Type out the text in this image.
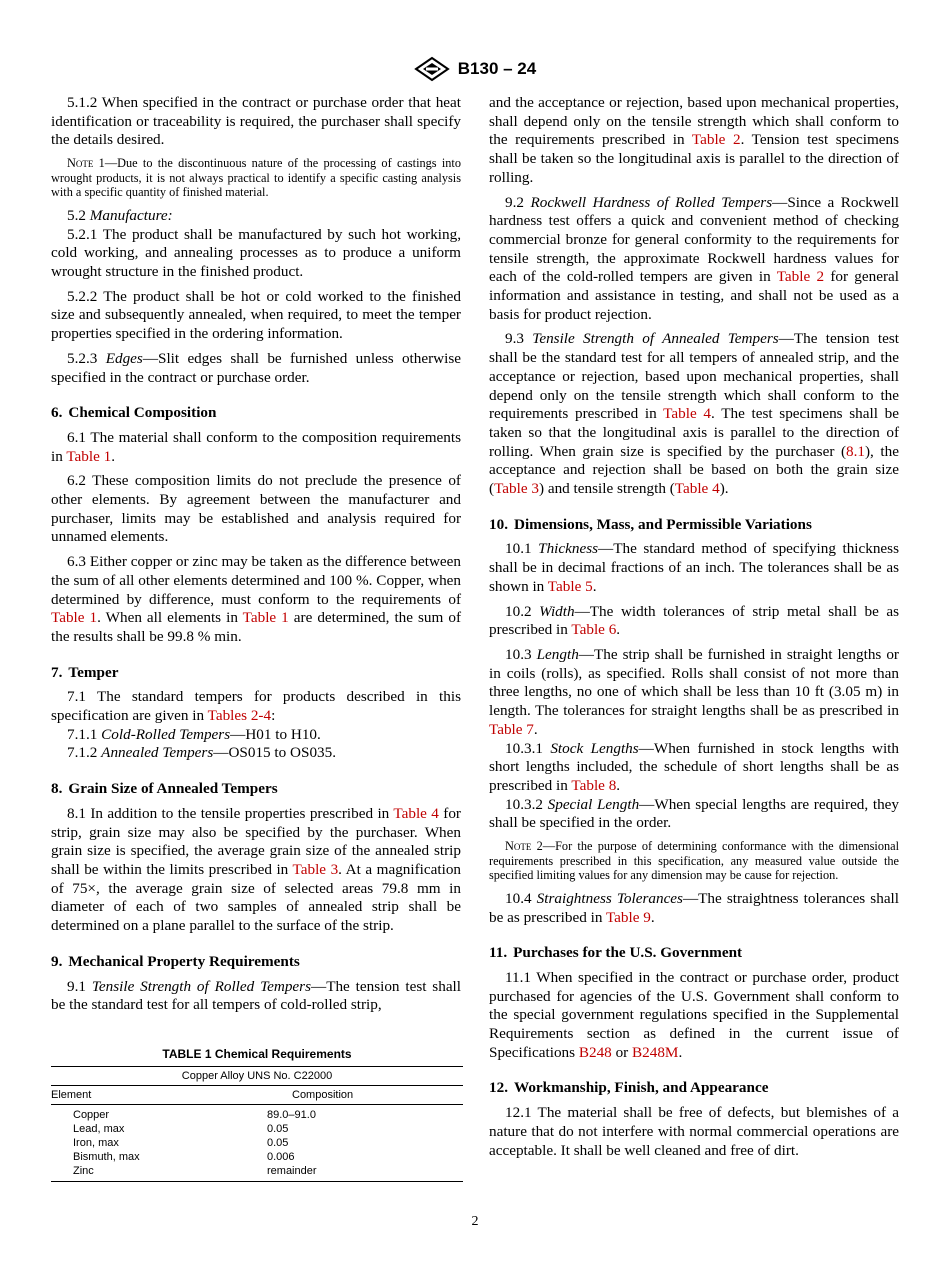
B130 – 24

5.1.2 When specified in the contract or purchase order that heat identification or traceability is required, the purchaser shall specify the details desired.

Note 1—Due to the discontinuous nature of the processing of castings into wrought products, it is not always practical to identify a specific casting analysis with a specific quantity of finished material.

5.2 Manufacture:

5.2.1 The product shall be manufactured by such hot working, cold working, and annealing processes as to produce a uniform wrought structure in the finished product.

5.2.2 The product shall be hot or cold worked to the finished size and subsequently annealed, when required, to meet the temper properties specified in the ordering information.

5.2.3 Edges—Slit edges shall be furnished unless otherwise specified in the contract or purchase order.

6. Chemical Composition

6.1 The material shall conform to the composition requirements in Table 1.

6.2 These composition limits do not preclude the presence of other elements. By agreement between the manufacturer and purchaser, limits may be established and analysis required for unnamed elements.

6.3 Either copper or zinc may be taken as the difference between the sum of all other elements determined and 100 %. Copper, when determined by difference, must conform to the requirements of Table 1. When all elements in Table 1 are determined, the sum of the results shall be 99.8 % min.

7. Temper

7.1 The standard tempers for products described in this specification are given in Tables 2-4:

7.1.1 Cold-Rolled Tempers—H01 to H10.

7.1.2 Annealed Tempers—OS015 to OS035.

8. Grain Size of Annealed Tempers

8.1 In addition to the tensile properties prescribed in Table 4 for strip, grain size may also be specified by the purchaser. When grain size is specified, the average grain size of the annealed strip shall be within the limits prescribed in Table 3. At a magnification of 75×, the average grain size of selected areas 79.8 mm in diameter of each of two samples of annealed strip shall be determined on a plane parallel to the surface of the strip.

9. Mechanical Property Requirements

9.1 Tensile Strength of Rolled Tempers—The tension test shall be the standard test for all tempers of cold-rolled strip,

and the acceptance or rejection, based upon mechanical properties, shall depend only on the tensile strength which shall conform to the requirements prescribed in Table 2. Tension test specimens shall be taken so the longitudinal axis is parallel to the direction of rolling.

9.2 Rockwell Hardness of Rolled Tempers—Since a Rockwell hardness test offers a quick and convenient method of checking commercial bronze for general conformity to the requirements for tensile strength, the approximate Rockwell hardness values for each of the cold-rolled tempers are given in Table 2 for general information and assistance in testing, and shall not be used as a basis for product rejection.

9.3 Tensile Strength of Annealed Tempers—The tension test shall be the standard test for all tempers of annealed strip, and the acceptance or rejection, based upon mechanical properties, shall depend only on the tensile strength which shall conform to the requirements prescribed in Table 4. The test specimens shall be taken so that the longitudinal axis is parallel to the direction of rolling. When grain size is specified by the purchaser (8.1), the acceptance and rejection shall be based on both the grain size (Table 3) and tensile strength (Table 4).

10. Dimensions, Mass, and Permissible Variations

10.1 Thickness—The standard method of specifying thickness shall be in decimal fractions of an inch. The tolerances shall be as shown in Table 5.

10.2 Width—The width tolerances of strip metal shall be as prescribed in Table 6.

10.3 Length—The strip shall be furnished in straight lengths or in coils (rolls), as specified. Rolls shall consist of not more than three lengths, no one of which shall be less than 10 ft (3.05 m) in length. The tolerances for straight lengths shall be as prescribed in Table 7.

10.3.1 Stock Lengths—When furnished in stock lengths with short lengths included, the schedule of short lengths shall be as prescribed in Table 8.

10.3.2 Special Length—When special lengths are required, they shall be specified in the order.

Note 2—For the purpose of determining conformance with the dimensional requirements prescribed in this specification, any measured value outside the specified limiting values for any dimension may be cause for rejection.

10.4 Straightness Tolerances—The straightness tolerances shall be as prescribed in Table 9.

11. Purchases for the U.S. Government

11.1 When specified in the contract or purchase order, product purchased for agencies of the U.S. Government shall conform to the special government regulations specified in the Supplemental Requirements section as defined in the current issue of Specifications B248 or B248M.

12. Workmanship, Finish, and Appearance

12.1 The material shall be free of defects, but blemishes of a nature that do not interfere with normal commercial operations are acceptable. It shall be well cleaned and free of dirt.

TABLE 1 Chemical Requirements
Copper Alloy UNS No. C22000	
Element	Composition
Copper	89.0–91.0
Lead, max	0.05
Iron, max	0.05
Bismuth, max	0.006
Zinc	remainder
2
